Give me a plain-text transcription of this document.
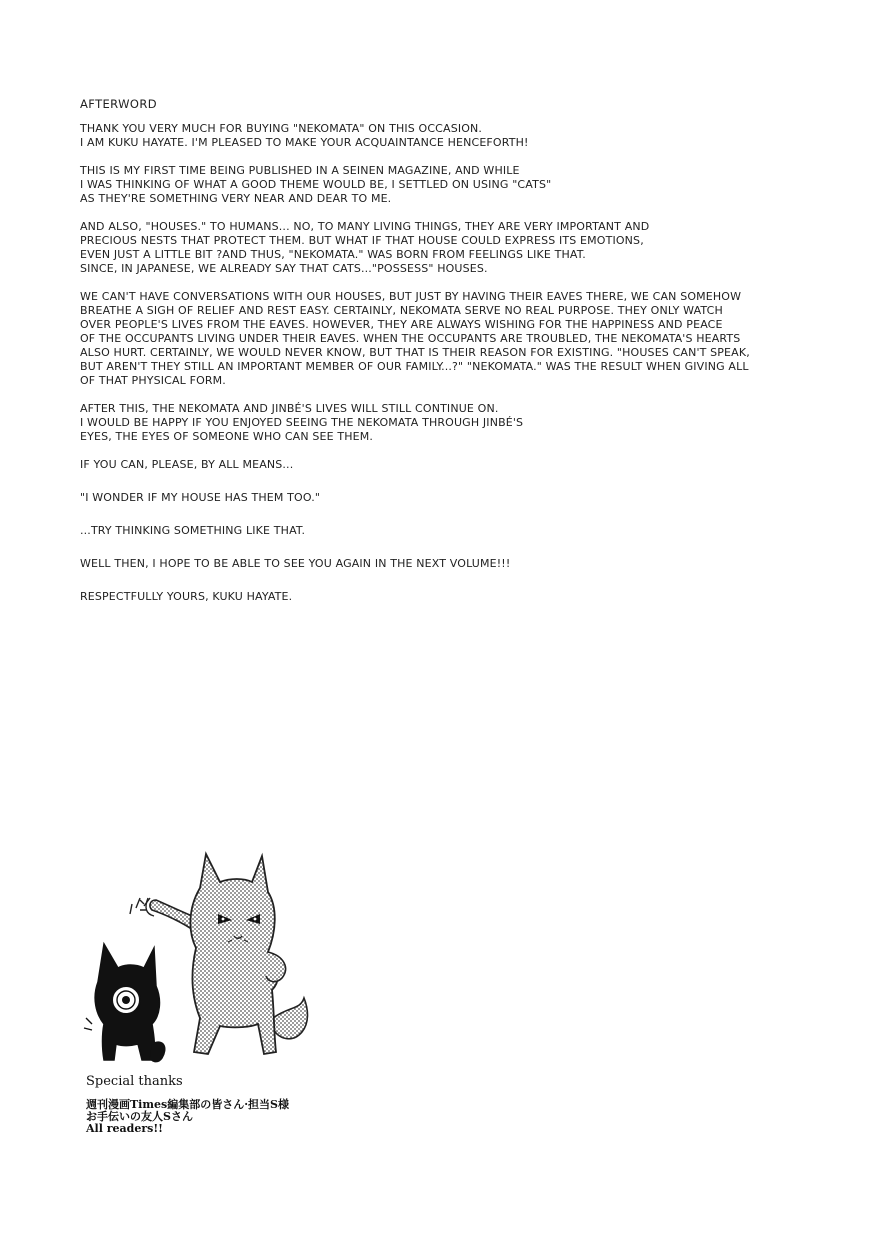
AFTERWORD
THANK YOU VERY MUCH FOR BUYING "NEKOMATA" ON THIS OCCASION.
I AM KUKU HAYATE. I'M PLEASED TO MAKE YOUR ACQUAINTANCE HENCEFORTH!
THIS IS MY FIRST TIME BEING PUBLISHED IN A SEINEN MAGAZINE, AND WHILE
I WAS THINKING OF WHAT A GOOD THEME WOULD BE, I SETTLED ON USING "CATS"
AS THEY'RE SOMETHING VERY NEAR AND DEAR TO ME.
AND ALSO, "HOUSES." TO HUMANS... NO, TO MANY LIVING THINGS, THEY ARE VERY IMPORTANT AND
PRECIOUS NESTS THAT PROTECT THEM. BUT WHAT IF THAT HOUSE COULD EXPRESS ITS EMOTIONS,
EVEN JUST A LITTLE BIT ?AND THUS, "NEKOMATA." WAS BORN FROM FEELINGS LIKE THAT.
SINCE, IN JAPANESE, WE ALREADY SAY THAT CATS..."POSSESS" HOUSES.
WE CAN'T HAVE CONVERSATIONS WITH OUR HOUSES, BUT JUST BY HAVING THEIR EAVES THERE, WE CAN SOMEHOW
BREATHE A SIGH OF RELIEF AND REST EASY. CERTAINLY, NEKOMATA SERVE NO REAL PURPOSE. THEY ONLY WATCH
OVER PEOPLE'S LIVES FROM THE EAVES. HOWEVER, THEY ARE ALWAYS WISHING FOR THE HAPPINESS AND PEACE
OF THE OCCUPANTS LIVING UNDER THEIR EAVES. WHEN THE OCCUPANTS ARE TROUBLED, THE NEKOMATA'S HEARTS
ALSO HURT. CERTAINLY, WE WOULD NEVER KNOW, BUT THAT IS THEIR REASON FOR EXISTING. "HOUSES CAN'T SPEAK,
BUT AREN'T THEY STILL AN IMPORTANT MEMBER OF OUR FAMILY...?" "NEKOMATA." WAS THE RESULT WHEN GIVING ALL
OF THAT PHYSICAL FORM.
AFTER THIS, THE NEKOMATA AND JINBÉ'S LIVES WILL STILL CONTINUE ON.
I WOULD BE HAPPY IF YOU ENJOYED SEEING THE NEKOMATA THROUGH JINBÉ'S
EYES, THE EYES OF SOMEONE WHO CAN SEE THEM.
IF YOU CAN, PLEASE, BY ALL MEANS...
"I WONDER IF MY HOUSE HAS THEM TOO."
...TRY THINKING SOMETHING LIKE THAT.
WELL THEN, I HOPE TO BE ABLE TO SEE YOU AGAIN IN THE NEXT VOLUME!!!
RESPECTFULLY YOURS, KUKU HAYATE.
Special thanks
週刊漫画Times編集部の皆さん·担当S様
お手伝いの友人Sさん
All readers!!
